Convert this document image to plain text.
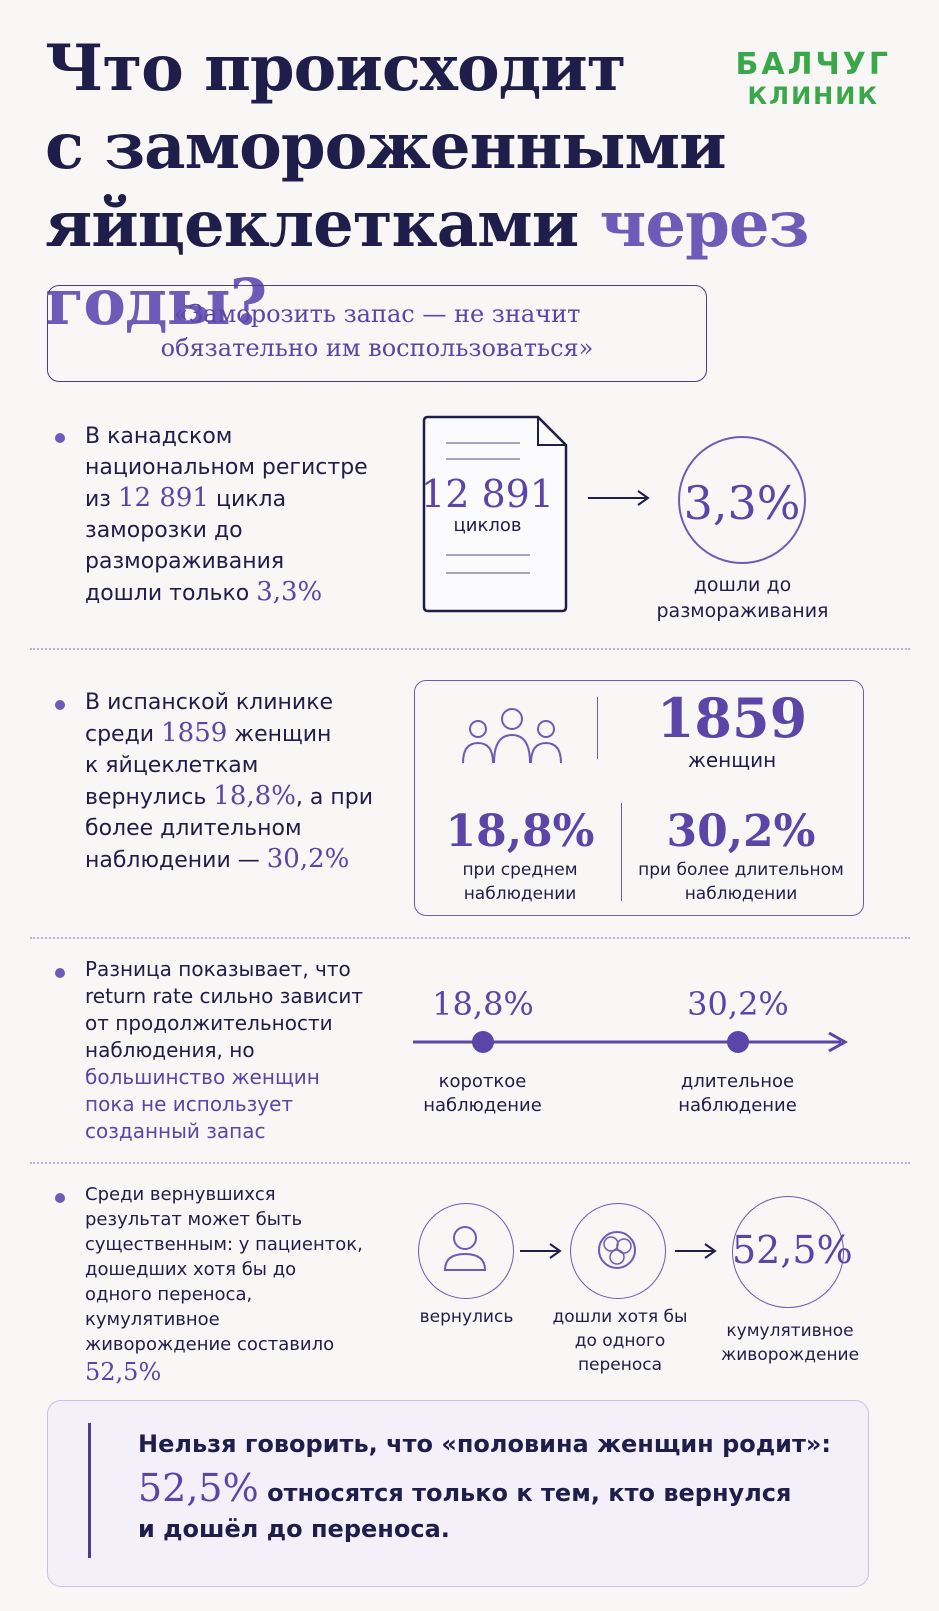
Что происходит
с замороженными
яйцеклетками через годы?
БАЛЧУГ
КЛИНИК
«Заморозить запас — не значит
обязательно им воспользоваться»
В канадском
национальном регистре
из 12 891 цикла
заморозки до
размораживания
дошли только 3,3%
12 891
циклов	3,3%
дошли до
размораживания
В испанской клинике
среди 1859 женщин
к яйцеклеткам
вернулись 18,8%, а при
более длительном
наблюдении — 30,2%
1859
женщин
18,8%
при среднем
наблюдении
30,2%
при более длительном
наблюдении
Разница показывает, что
return rate сильно зависит
от продолжительности
наблюдения, но
большинство женщин
пока не использует
созданный запас
18,8%	30,2%
короткое
наблюдение
длительное
наблюдение
Среди вернувшихся
результат может быть
существенным: у пациенток,
дошедших хотя бы до
одного переноса,
кумулятивное
живорождение составило
52,5%
52,5%
вернулись	дошли хотя бы
до одного
переноса
кумулятивное
живорождение
Нельзя говорить, что «половина женщин родит»:
52,5% относятся только к тем, кто вернулся
и дошёл до переноса.
